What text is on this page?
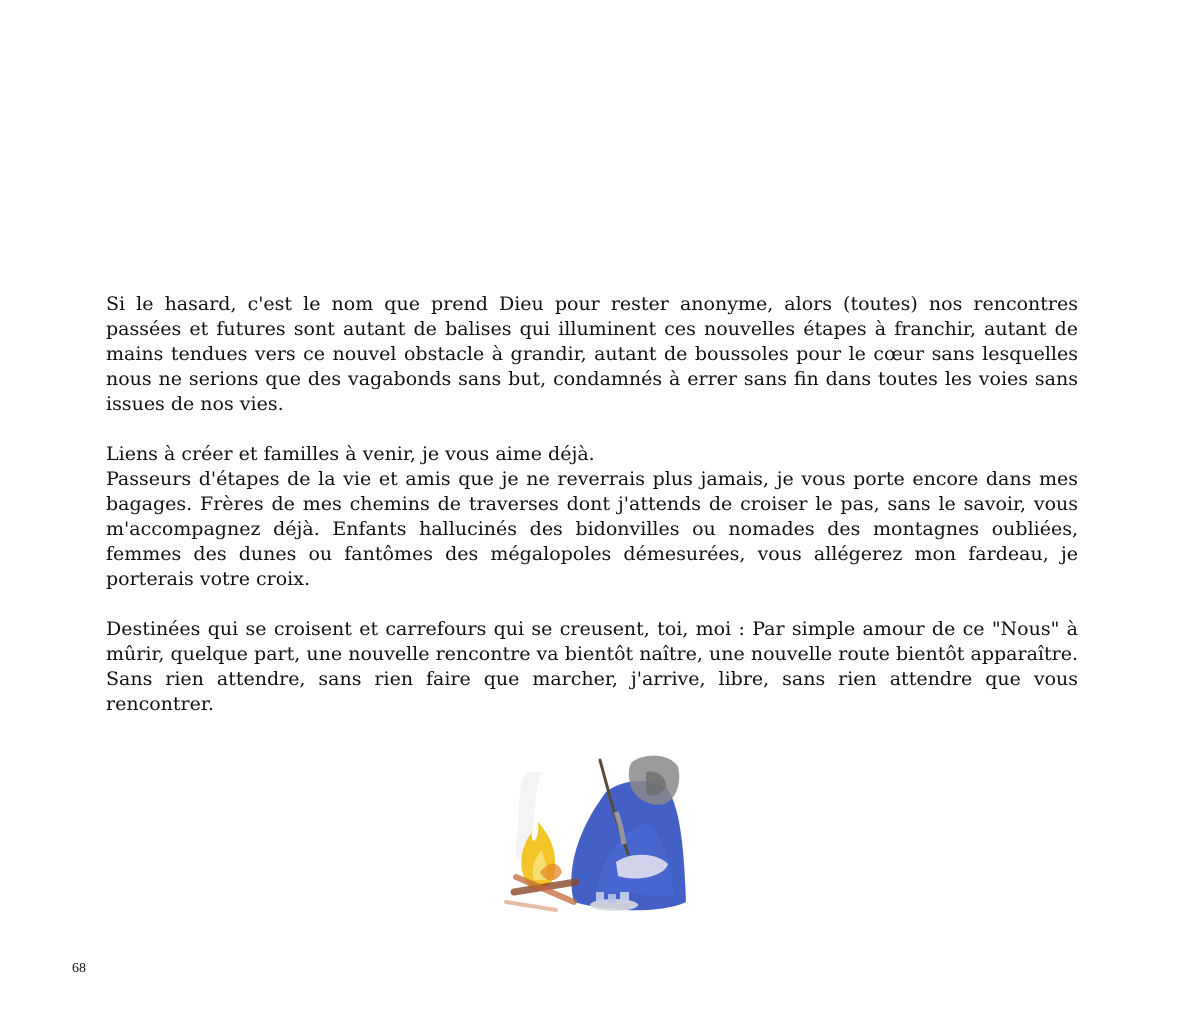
Si le hasard, c'est le nom que prend Dieu pour rester anonyme, alors (toutes) nos rencontres passées et futures sont autant de balises qui illuminent ces nouvelles étapes à franchir, autant de mains tendues vers ce nouvel obstacle à grandir, autant de boussoles pour le cœur sans lesquelles nous ne serions que des vagabonds sans but, condamnés à errer sans fin dans toutes les voies sans issues de nos vies.

Liens à créer et familles à venir, je vous aime déjà.

Passeurs d'étapes de la vie et amis que je ne reverrais plus jamais, je vous porte encore dans mes bagages. Frères de mes chemins de traverses dont j'attends de croiser le pas, sans le savoir, vous m'accompagnez déjà. Enfants hallucinés des bidonvilles ou nomades des montagnes oubliées, femmes des dunes ou fantômes des mégalopoles démesurées, vous allégerez mon fardeau, je porterais votre croix.

Destinées qui se croisent et carrefours qui se creusent, toi, moi : Par simple amour de ce "Nous" à mûrir, quelque part, une nouvelle rencontre va bientôt naître, une nouvelle route bientôt apparaître. Sans rien attendre, sans rien faire que marcher, j'arrive, libre, sans rien attendre que vous rencontrer.

68
